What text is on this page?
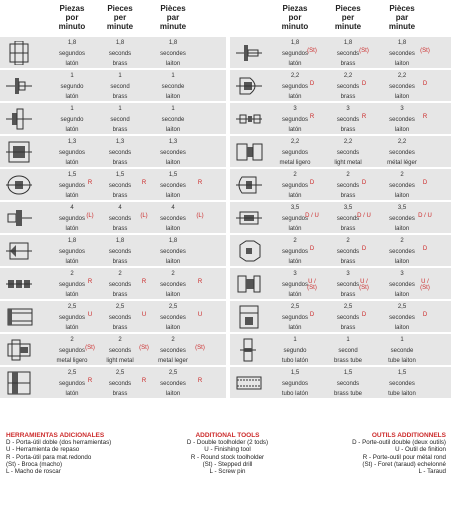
Piezas
por
minuto
Pieces
per
minute
Pièces
par
minute
Piezas
por
minuto
Pieces
per
minute
Pièces
par
minute
1,8
segundos
latón
1,8
seconds
brass
1,8
secondes
laiton
1
segundo
latón
1
second
brass
1
seconde
laiton
1
segundo
latón
1
second
brass
1
seconde
laiton
1,3
segundos
latón
1,3
seconds
brass
1,3
secondes
laiton
1,5
segundos
latón
R
1,5
seconds
brass
R
1,5
secondes
laiton
R
4
segundos
latón
(L)
4
seconds
brass
(L)
4
secondes
laiton
(L)
1,8
segundos
latón
1,8
seconds
brass
1,8
secondes
laiton
2
segundos
latón
R
2
seconds
brass
R
2
secondes
laiton
R
2,5
segundos
latón
U
2,5
seconds
brass
U
2,5
secondes
laiton
U
2
segundos
metal ligero
(St)
2
seconds
light metal
(St)
2
secondes
metal leger
(St)
2,5
segundos
latón
R
2,5
seconds
brass
R
2,5
secondes
laiton
R
1,8
segundos
latón
(St)
1,8
seconds
brass
(St)
1,8
secondes
laiton
(St)
2,2
segundos
latón
D
2,2
seconds
brass
D
2,2
secondes
laiton
D
3
segundos
latón
R
3
seconds
brass
R
3
secondes
laiton
R
2,2
segundos
metal ligero
2,2
seconds
light metal
2,2
secondes
métal léger
2
segundos
latón
D
2
seconds
brass
D
2
secondes
laiton
D
3,5
segundos
latón
D / U
3,5
seconds
brass
D / U
3,5
secondes
laiton
D / U
2
segundos
latón
D
2
seconds
brass
D
2
secondes
laiton
D
3
segundos
latón
U / (St)
3
seconds
brass
U / (St)
3
secondes
laiton
U / (St)
2,5
segundos
latón
D
2,5
seconds
brass
D
2,5
secondes
laiton
D
1
segundo
tubo latón
1
second
brass tube
1
seconde
tube laiton
1,5
segundos
tubo latón
1,5
seconds
brass tube
1,5
secondes
tube laiton
HERRAMIENTAS ADICIONALES
D - Porta-útil doble (dos herramientas)
U - Herramienta de repaso
R - Porta-útil para mat.redondo
(St) - Broca (macho)
L - Macho de roscar
ADDITIONAL TOOLS
D - Double toolholder (2 tods)
U - Finishing tool
R - Round stock toolholder
(St) - Stepped drill
L - Screw pin
OUTILS ADDITIONNELS
D - Porte-outil double (deux outils)
U - Outil de finition
R - Porte-outil pour métal rond
(St) - Foret (taraud) echelonné
L - Taraud
